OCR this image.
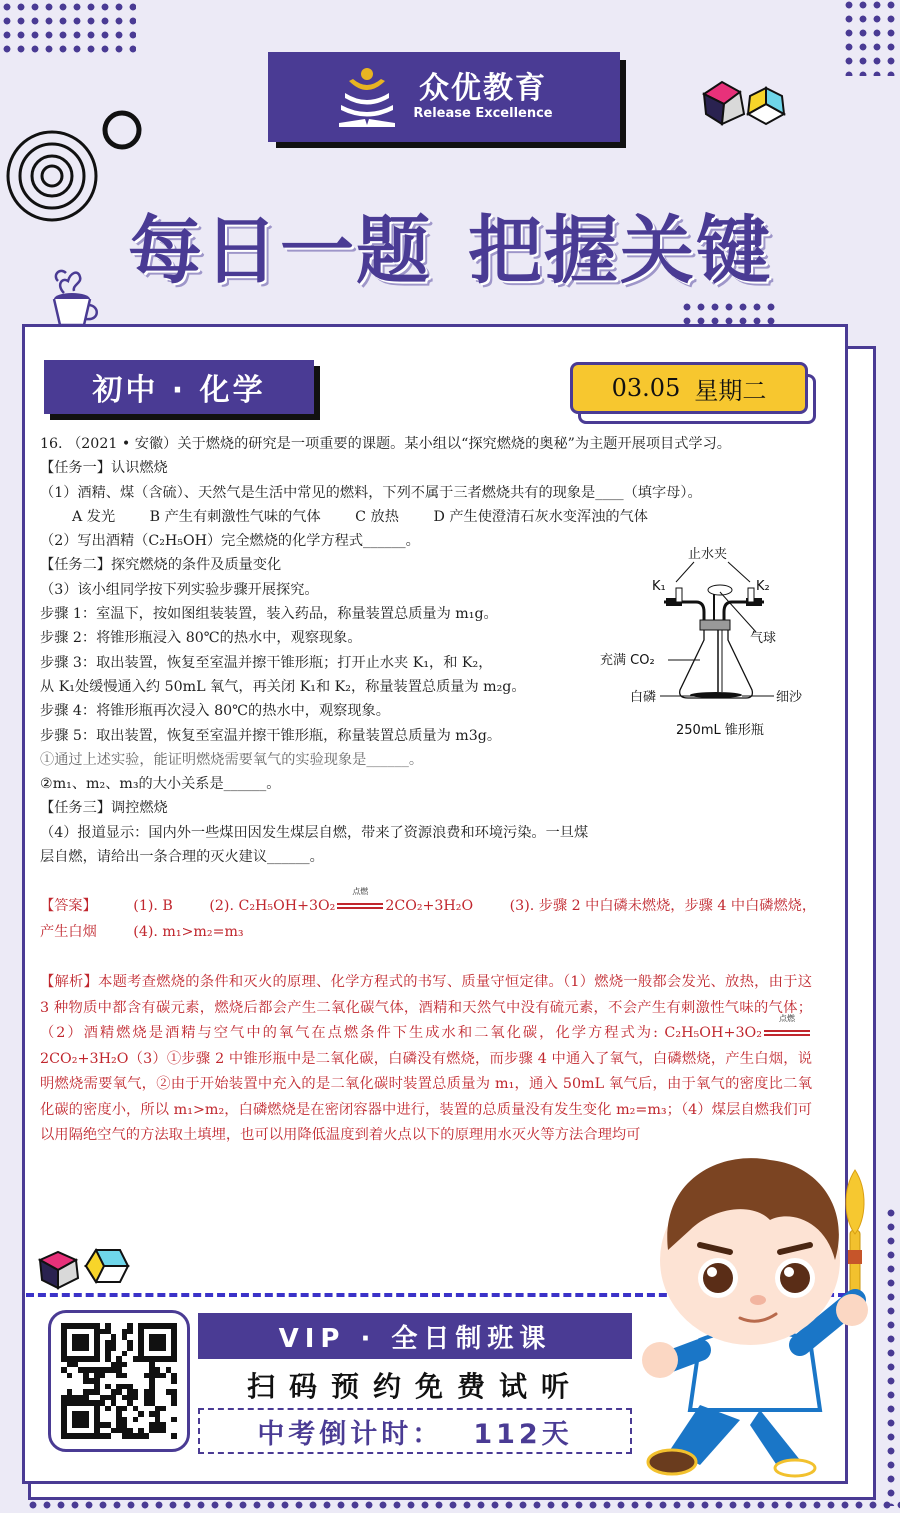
众优教育
Release Excellence
每日一题 把握关键
初中 · 化学	03.05 星期二
16. （2021 • 安徽）关于燃烧的研究是一项重要的课题。某小组以“探究燃烧的奥秘”为主题开展项目式学习。
【任务一】认识燃烧
（1）酒精、煤（含硫）、天然气是生活中常见的燃料，下列不属于三者燃烧共有的现象是____（填字母）。
A 发光 B 产生有刺激性气味的气体 C 放热 D 产生使澄清石灰水变浑浊的气体
（2）写出酒精（C₂H₅OH）完全燃烧的化学方程式______。
【任务二】探究燃烧的条件及质量变化
（3）该小组同学按下列实验步骤开展探究。
步骤 1：室温下，按如图组装装置，装入药品，称量装置总质量为 m₁g。
步骤 2：将锥形瓶浸入 80℃的热水中，观察现象。
步骤 3：取出装置，恢复至室温并擦干锥形瓶；打开止水夹 K₁，和 K₂，
从 K₁处缓慢通入约 50mL 氧气，再关闭 K₁和 K₂，称量装置总质量为 m₂g。
步骤 4：将锥形瓶再次浸入 80℃的热水中，观察现象。
步骤 5：取出装置，恢复至室温并擦干锥形瓶，称量装置总质量为 m3g。
①通过上述实验，能证明燃烧需要氧气的实验现象是______。
②m₁、m₂、m₃的大小关系是______。
【任务三】调控燃烧
（4）报道显示：国内外一些煤田因发生煤层自燃，带来了资源浪费和环境污染。一旦煤层自燃，请给出一条合理的灭火建议______。
止水夹
K₁	K₂
气球
充满 CO₂
白磷	细沙
250mL 锥形瓶
【答案】	(1). B	(2). C₂H₅OH+3O₂
点燃
2CO₂+3H₂O	(3). 步骤 2 中白磷未燃烧，步骤 4 中白磷燃烧，产生白烟	(4). m₁>m₂=m₃
【解析】本题考查燃烧的条件和灭火的原理、化学方程式的书写、质量守恒定律。（1）燃烧一般都会发光、放热，由于这 3 种物质中都含有碳元素，燃烧后都会产生二氧化碳气体，酒精和天然气中没有硫元素，不会产生有刺激性气味的气体；（2）酒精燃烧是酒精与空气中的氧气在点燃条件下生成水和二氧化碳，化学方程式为: C₂H₅OH+3O₂
点燃
2CO₂+3H₂O（3）①步骤 2 中锥形瓶中是二氧化碳，白磷没有燃烧，而步骤 4 中通入了氧气，白磷燃烧，产生白烟，说明燃烧需要氧气，②由于开始装置中充入的是二氧化碳时装置总质量为 m₁，通入 50mL 氧气后，由于氧气的密度比二氧化碳的密度小，所以 m₁>m₂，白磷燃烧是在密闭容器中进行，装置的总质量没有发生变化 m₂=m₃；（4）煤层自燃我们可以用隔绝空气的方法取土填埋，也可以用降低温度到着火点以下的原理用水灭火等方法合理均可
VIP · 全日制班课
扫码预约免费试听
中考倒计时： 112天
